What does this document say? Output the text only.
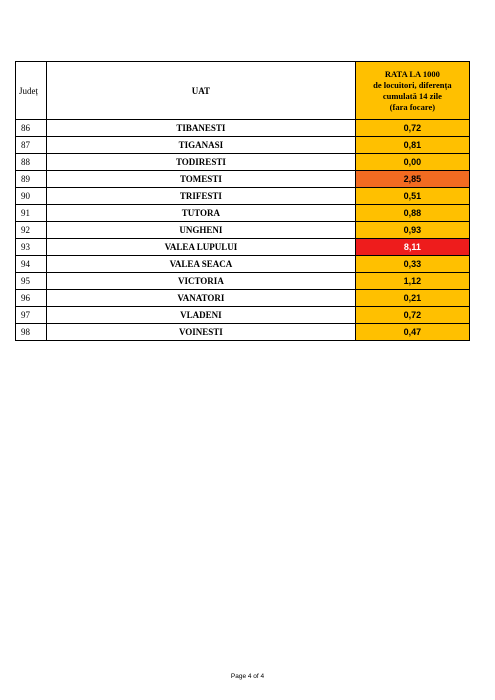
Județ	UAT	RATA LA 1000
de locuitori, diferența
cumulată 14 zile
(fara focare)

86	TIBANESTI	0,72
87	TIGANASI	0,81
88	TODIRESTI	0,00
89	TOMESTI	2,85
90	TRIFESTI	0,51
91	TUTORA	0,88
92	UNGHENI	0,93
93	VALEA LUPULUI	8,11
94	VALEA SEACA	0,33
95	VICTORIA	1,12
96	VANATORI	0,21
97	VLADENI	0,72
98	VOINESTI	0,47
Page 4 of 4
